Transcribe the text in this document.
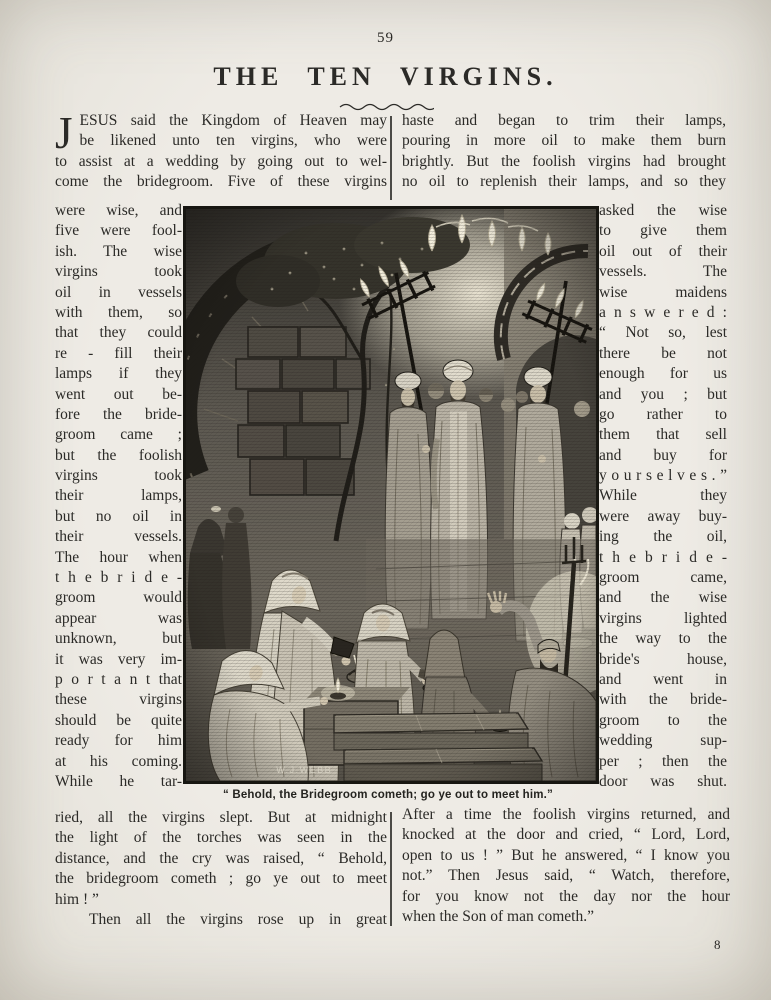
59
THE TEN VIRGINS.
J ESUS said the Kingdom of Heaven may
be likened unto ten virgins, who were
to assist at a wedding by going out to wel-
come the bridegroom. Five of these virgins
haste and began to trim their lamps,
pouring in more oil to make them burn
brightly. But the foolish virgins had brought
no oil to replenish their lamps, and so they
were wise, and
five were fool-
ish. The wise
virgins took
oil in vessels
with them, so
that they could
re - fill their
lamps if they
went out be-
fore the bride-
groom came ;
but the foolish
virgins took
their lamps,
but no oil in
their vessels.
The hour when
t h e b r i d e -
groom would
appear was
unknown, but
it was very im-
p o r t a n t that
these virgins
should be quite
ready for him
at his coming.
While he tar-
asked the wise
to give them
oil out of their
vessels. The
wise maidens
a n s w e r e d :
“ Not so, lest
there be not
enough for us
and you ; but
go rather to
them that sell
and buy for
y o u r s e l v e s . ”
While they
were away buy-
ing the oil,
t h e b r i d e -
groom came,
and the wise
virgins lighted
the way to the
bride's house,
and went in
with the bride-
groom to the
wedding sup-
per ; then the
door was shut.
W.J.WEBB
“ Behold, the Bridegroom cometh; go ye out to meet him.”
ried, all the virgins slept. But at midnight
the light of the torches was seen in the
distance, and the cry was raised, “ Behold,
the bridegroom cometh ; go ye out to meet
him ! ”
Then all the virgins rose up in great
After a time the foolish virgins returned, and
knocked at the door and cried, “ Lord, Lord,
open to us ! ” But he answered, “ I know you
not.” Then Jesus said, “ Watch, therefore,
for you know not the day nor the hour
when the Son of man cometh.”
8
